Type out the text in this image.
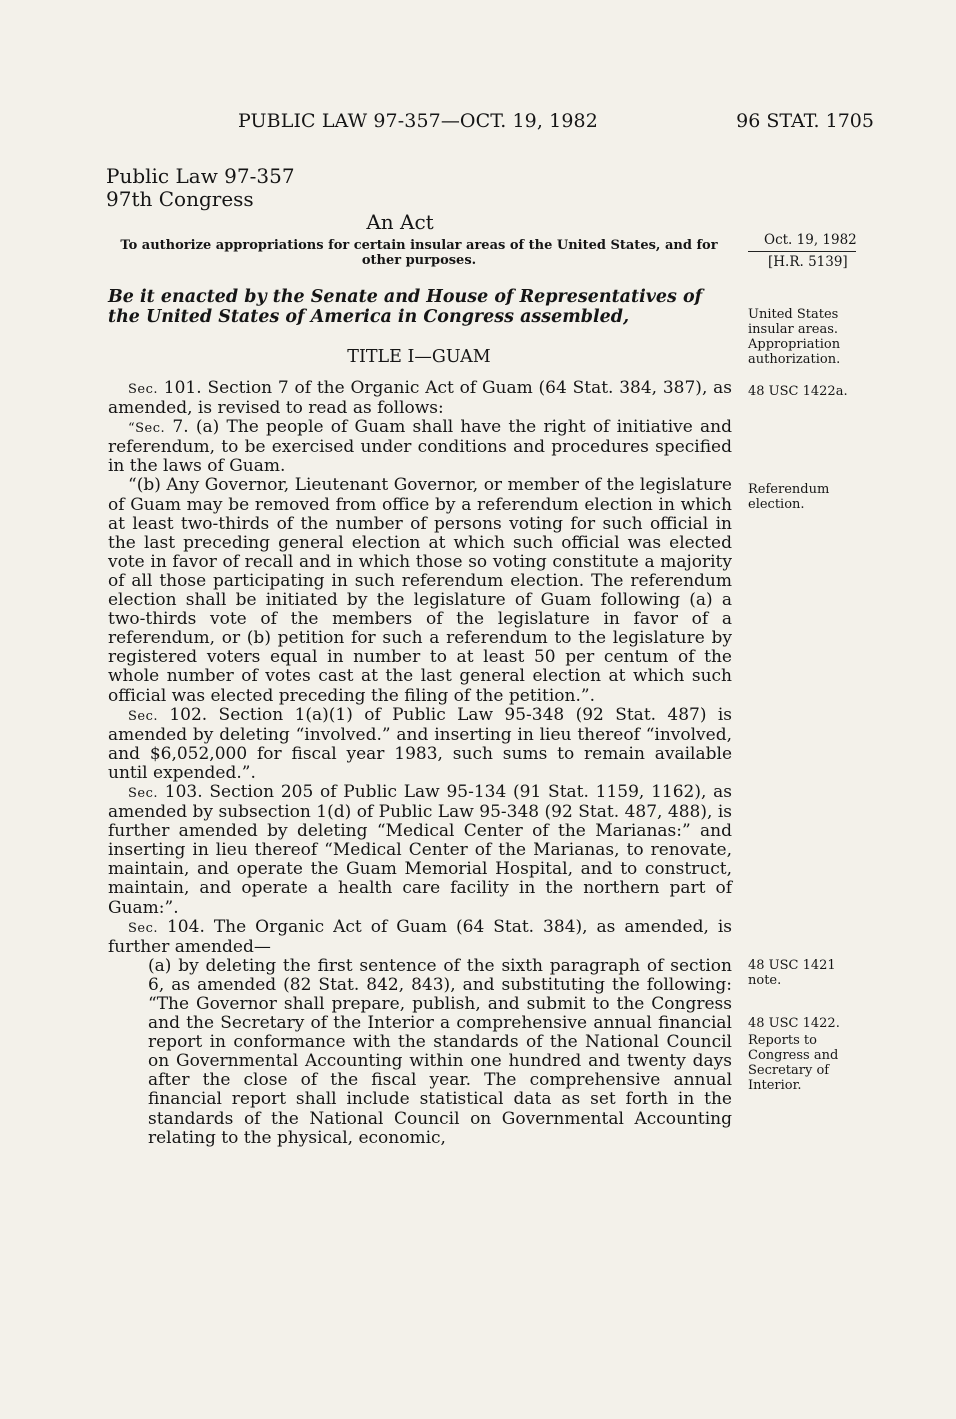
PUBLIC LAW 97-357—OCT. 19, 1982	96 STAT. 1705
Public Law 97-357
97th Congress
An Act
To authorize appropriations for certain insular areas of the United States, and for other purposes.
Be it enacted by the Senate and House of Representatives of the United States of America in Congress assembled,
TITLE I—GUAM

Sec. 101. Section 7 of the Organic Act of Guam (64 Stat. 384, 387), as amended, is revised to read as follows:

“Sec. 7. (a) The people of Guam shall have the right of initiative and referendum, to be exercised under conditions and procedures specified in the laws of Guam.

“(b) Any Governor, Lieutenant Governor, or member of the legislature of Guam may be removed from office by a referendum election in which at least two-thirds of the number of persons voting for such official in the last preceding general election at which such official was elected vote in favor of recall and in which those so voting constitute a majority of all those participating in such referendum election. The referendum election shall be initiated by the legislature of Guam following (a) a two-thirds vote of the members of the legislature in favor of a referendum, or (b) petition for such a referendum to the legislature by registered voters equal in number to at least 50 per centum of the whole number of votes cast at the last general election at which such official was elected preceding the filing of the petition.”.

Sec. 102. Section 1(a)(1) of Public Law 95-348 (92 Stat. 487) is amended by deleting “involved.” and inserting in lieu thereof “involved, and $6,052,000 for fiscal year 1983, such sums to remain available until expended.”.

Sec. 103. Section 205 of Public Law 95-134 (91 Stat. 1159, 1162), as amended by subsection 1(d) of Public Law 95-348 (92 Stat. 487, 488), is further amended by deleting “Medical Center of the Marianas:” and inserting in lieu thereof “Medical Center of the Marianas, to renovate, maintain, and operate the Guam Memorial Hospital, and to construct, maintain, and operate a health care facility in the northern part of Guam:”.

Sec. 104. The Organic Act of Guam (64 Stat. 384), as amended, is further amended—

(a) by deleting the first sentence of the sixth paragraph of section 6, as amended (82 Stat. 842, 843), and substituting the following: “The Governor shall prepare, publish, and submit to the Congress and the Secretary of the Interior a comprehensive annual financial report in conformance with the standards of the National Council on Governmental Accounting within one hundred and twenty days after the close of the fiscal year. The comprehensive annual financial report shall include statistical data as set forth in the standards of the National Council on Governmental Accounting relating to the physical, economic,

Oct. 19, 1982
[H.R. 5139]
United States insular areas. Appropriation authorization.
48 USC 1422a.
Referendum election.
48 USC 1421 note.
48 USC 1422.
Reports to Congress and Secretary of Interior.
